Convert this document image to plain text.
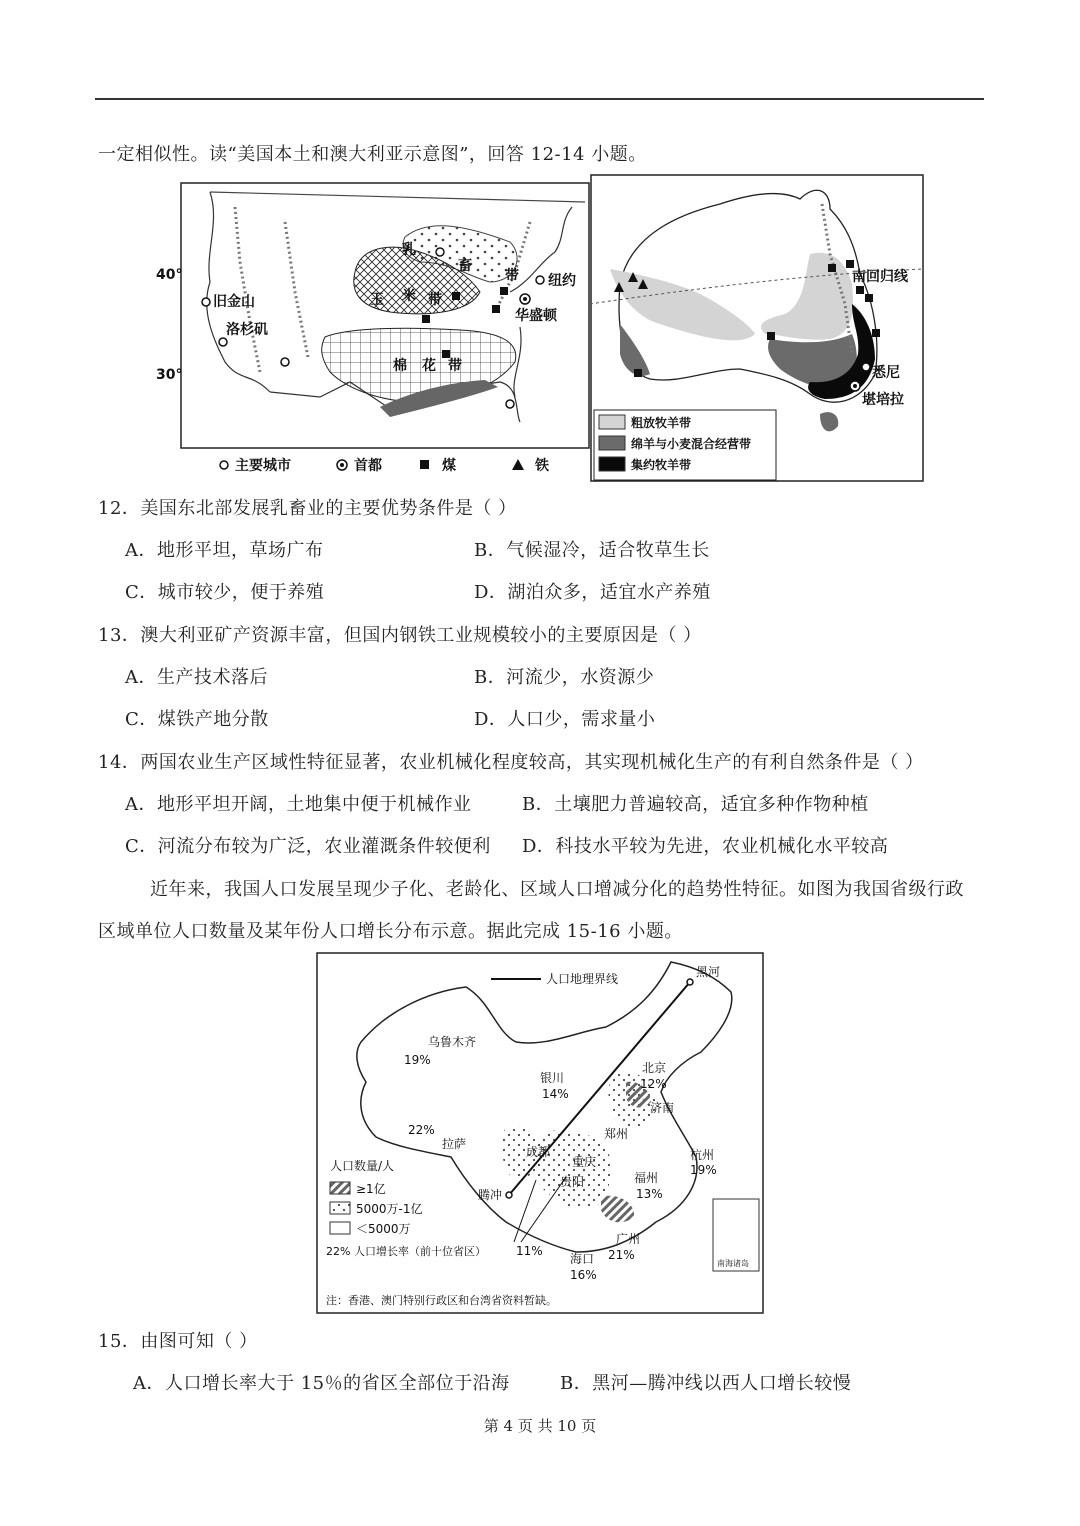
一定相似性。读“美国本土和澳大利亚示意图”，回答 12-14 小题。
40°
30°
乳
畜
带
玉 米 带
棉 花 带
旧金山
洛杉矶
纽约
华盛顿
主要城市	首都	煤	铁
南回归线
悉尼
堪培拉
粗放牧羊带
绵羊与小麦混合经营带
集约牧羊带
12．美国东北部发展乳畜业的主要优势条件是（ ）
A．地形平坦，草场广布	B．气候湿冷，适合牧草生长
C．城市较少，便于养殖	D．湖泊众多，适宜水产养殖
13．澳大利亚矿产资源丰富，但国内钢铁工业规模较小的主要原因是（ ）
A．生产技术落后	B．河流少，水资源少
C．煤铁产地分散	D．人口少，需求量小
14．两国农业生产区域性特征显著，农业机械化程度较高，其实现机械化生产的有利自然条件是（ ）
A．地形平坦开阔，土地集中便于机械作业	B．土壤肥力普遍较高，适宜多种作物种植
C．河流分布较为广泛，农业灌溉条件较便利 D．科技水平较为先进，农业机械化水平较高
近年来，我国人口发展呈现少子化、老龄化、区域人口增减分化的趋势性特征。如图为我国省级行政
区域单位人口数量及某年份人口增长分布示意。据此完成 15-16 小题。
南海诸岛
人口地理界线	黑河
乌鲁木齐
银川
北京
济南
郑州
拉萨
成都
重庆	杭州
贵阳	福州
腾冲
广州
海口
19%
14%
12%
22%
19%
13%
11%	21%
16%
人口数量/人
≥1亿
5000万-1亿
＜5000万
22% 人口增长率（前十位省区）
注：香港、澳门特别行政区和台湾省资料暂缺。
15．由图可知（ ）
A．人口增长率大于 15％的省区全部位于沿海	B．黑河—腾冲线以西人口增长较慢
第 4 页 共 10 页
